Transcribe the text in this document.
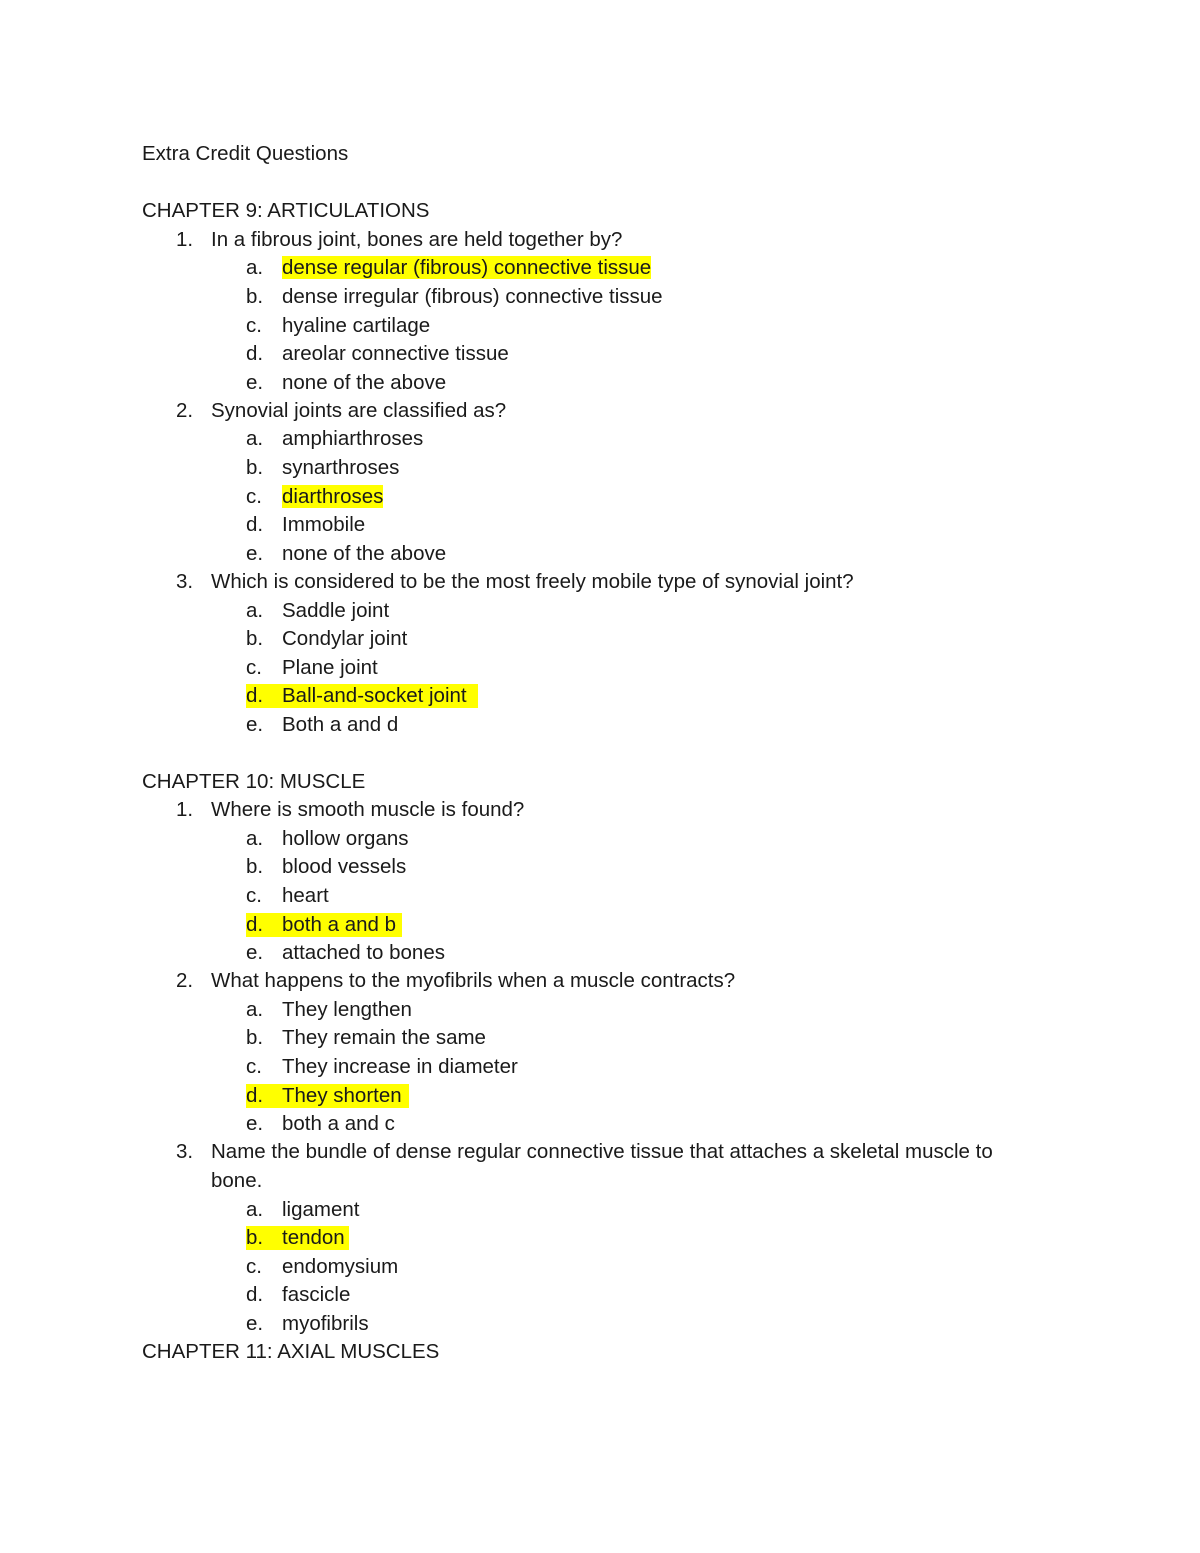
Extra Credit Questions
CHAPTER 9: ARTICULATIONS
1. In a fibrous joint, bones are held together by?
a. dense regular (fibrous) connective tissue
b. dense irregular (fibrous) connective tissue
c. hyaline cartilage
d. areolar connective tissue
e. none of the above
2. Synovial joints are classified as?
a. amphiarthroses
b. synarthroses
c. diarthroses
d. Immobile
e. none of the above
3. Which is considered to be the most freely mobile type of synovial joint?
a. Saddle joint
b. Condylar joint
c. Plane joint
d. Ball-and-socket joint
e. Both a and d
CHAPTER 10: MUSCLE
1. Where is smooth muscle is found?
a. hollow organs
b. blood vessels
c. heart
d. both a and b
e. attached to bones
2. What happens to the myofibrils when a muscle contracts?
a. They lengthen
b. They remain the same
c. They increase in diameter
d. They shorten
e. both a and c
3. Name the bundle of dense regular connective tissue that attaches a skeletal muscle to
bone.
a. ligament
b. tendon
c. endomysium
d. fascicle
e. myofibrils
CHAPTER 11: AXIAL MUSCLES
